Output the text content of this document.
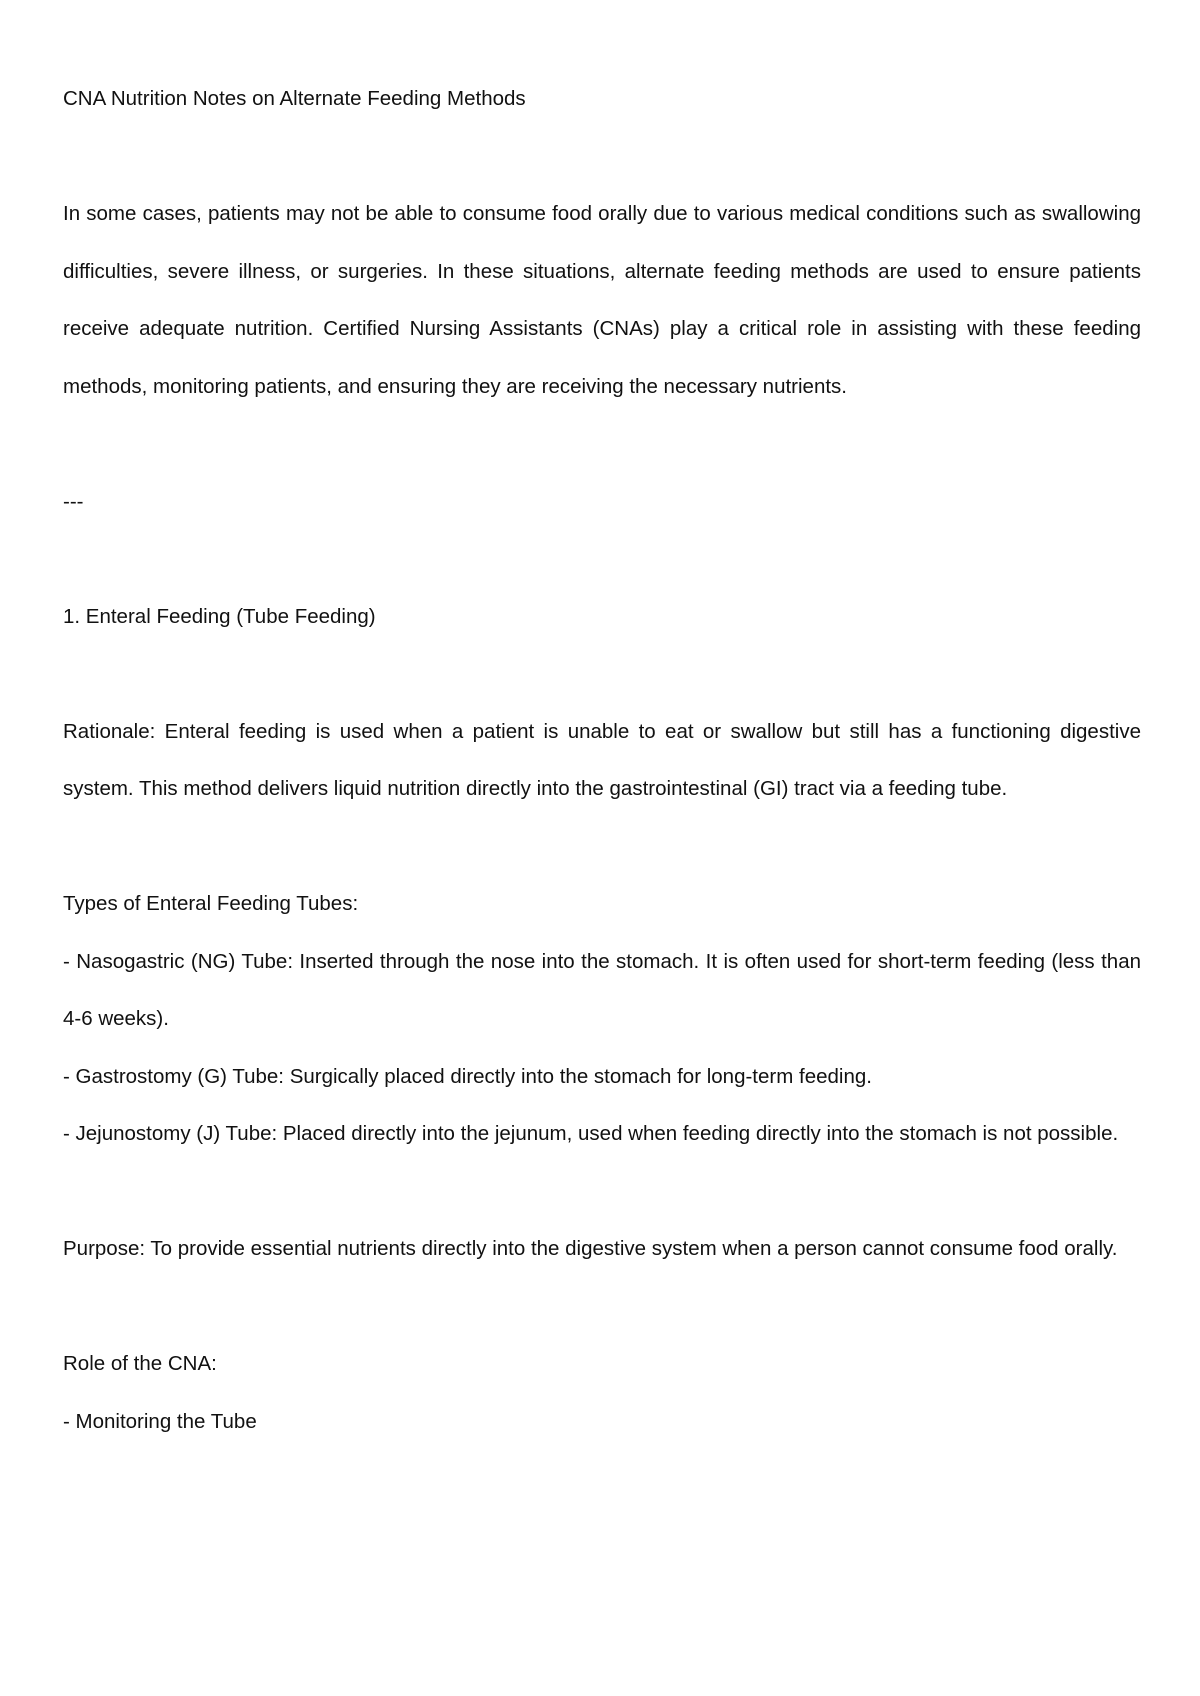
CNA Nutrition Notes on Alternate Feeding Methods

In some cases, patients may not be able to consume food orally due to various medical conditions such as swallowing difficulties, severe illness, or surgeries. In these situations, alternate feeding methods are used to ensure patients receive adequate nutrition. Certified Nursing Assistants (CNAs) play a critical role in assisting with these feeding methods, monitoring patients, and ensuring they are receiving the necessary nutrients.

---

1. Enteral Feeding (Tube Feeding)

Rationale: Enteral feeding is used when a patient is unable to eat or swallow but still has a functioning digestive system. This method delivers liquid nutrition directly into the gastrointestinal (GI) tract via a feeding tube.

Types of Enteral Feeding Tubes:

- Nasogastric (NG) Tube: Inserted through the nose into the stomach. It is often used for short-term feeding (less than 4-6 weeks).

- Gastrostomy (G) Tube: Surgically placed directly into the stomach for long-term feeding.

- Jejunostomy (J) Tube: Placed directly into the jejunum, used when feeding directly into the stomach is not possible.

Purpose: To provide essential nutrients directly into the digestive system when a person cannot consume food orally.

Role of the CNA:

- Monitoring the Tube
